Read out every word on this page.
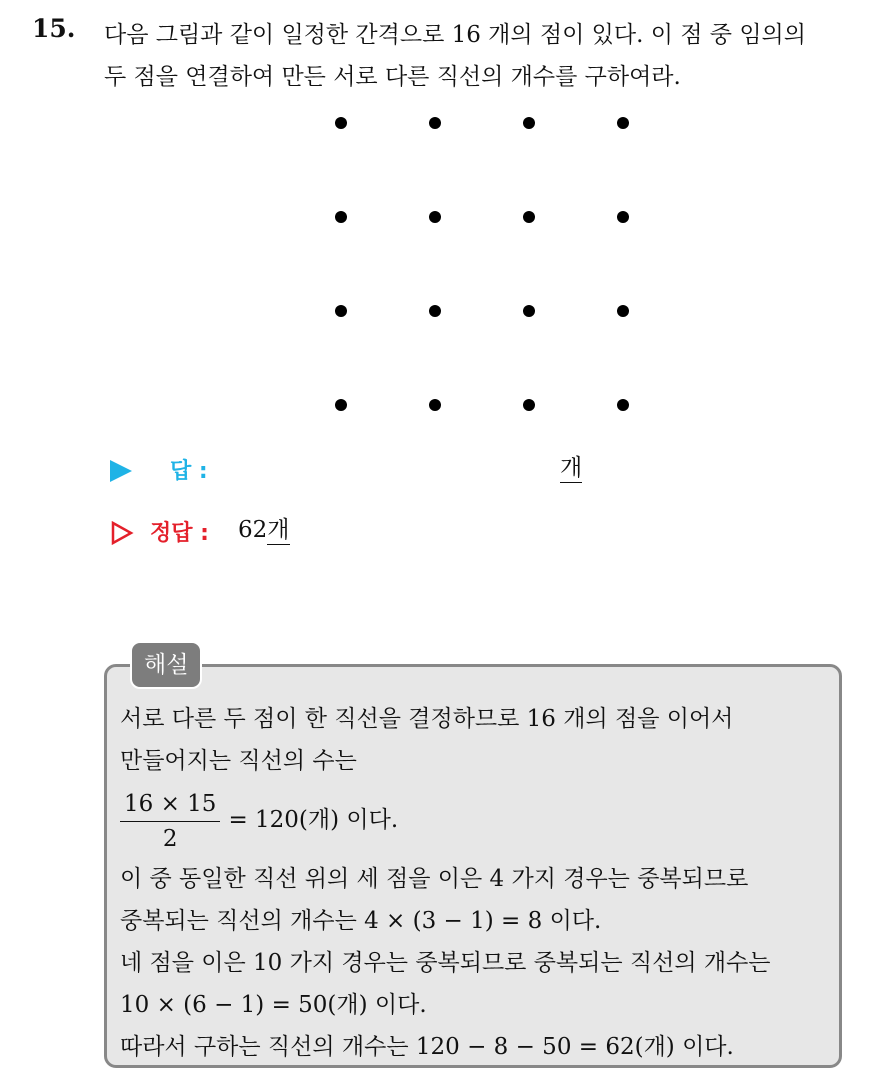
15. 다음 그림과 같이 일정한 간격으로 16 개의 점이 있다. 이 점 중 임의의
두 점을 연결하여 만든 서로 다른 직선의 개수를 구하여라.
답 :	개
정답 : 62개
해설
서로 다른 두 점이 한 직선을 결정하므로 16 개의 점을 이어서
만들어지는 직선의 수는
$\frac{16 \times 15}{2} = 120$(개) 이다.
이 중 동일한 직선 위의 세 점을 이은 4 가지 경우는 중복되므로
중복되는 직선의 개수는 4 × (3 − 1) = 8 이다.
네 점을 이은 10 가지 경우는 중복되므로 중복되는 직선의 개수는
10 × (6 − 1) = 50(개) 이다.
따라서 구하는 직선의 개수는 120 − 8 − 50 = 62(개) 이다.
